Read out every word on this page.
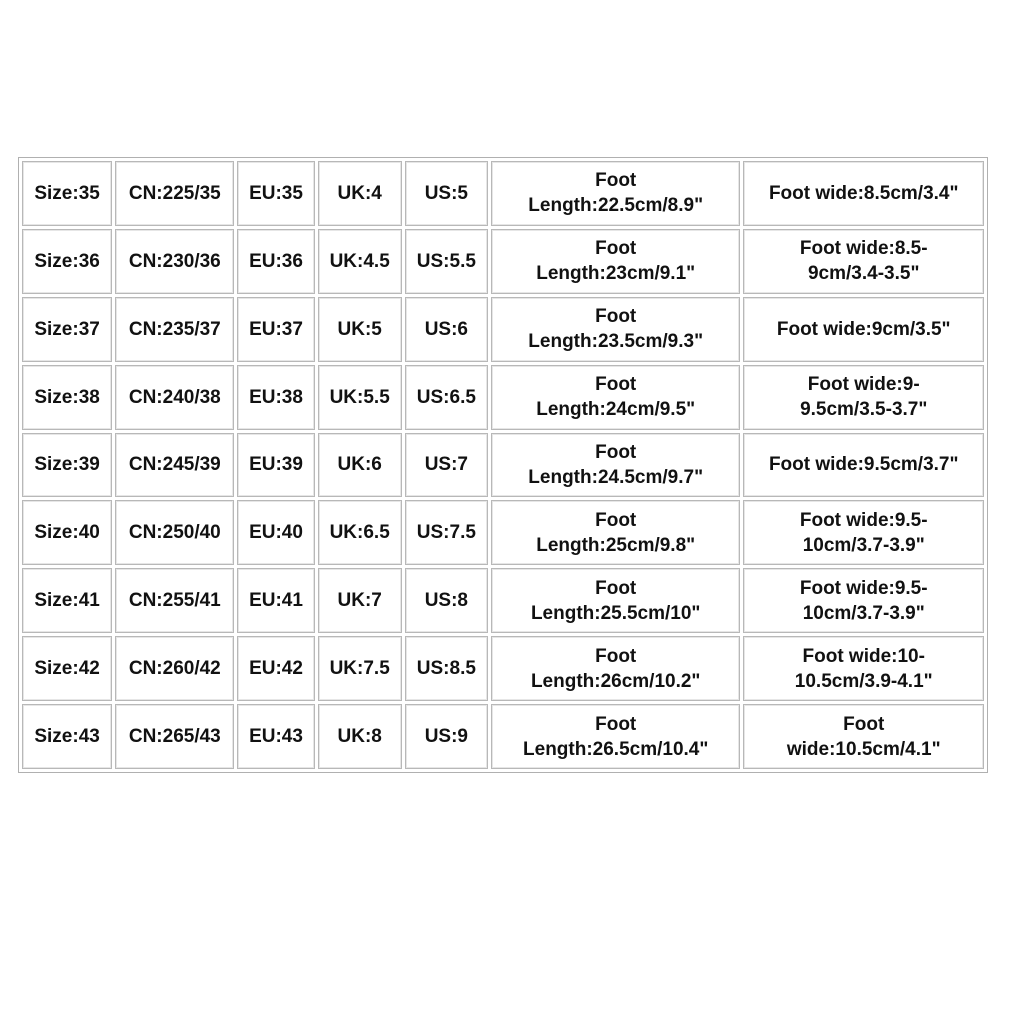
Size:35	CN:225/35	EU:35	UK:4	US:5	Foot
Length:22.5cm/8.9"	Foot wide:8.5cm/3.4"
Size:36	CN:230/36	EU:36	UK:4.5	US:5.5	Foot
Length:23cm/9.1"	Foot wide:8.5-
9cm/3.4-3.5"
Size:37	CN:235/37	EU:37	UK:5	US:6	Foot
Length:23.5cm/9.3"	Foot wide:9cm/3.5"
Size:38	CN:240/38	EU:38	UK:5.5	US:6.5	Foot
Length:24cm/9.5"	Foot wide:9-
9.5cm/3.5-3.7"
Size:39	CN:245/39	EU:39	UK:6	US:7	Foot
Length:24.5cm/9.7"	Foot wide:9.5cm/3.7"
Size:40	CN:250/40	EU:40	UK:6.5	US:7.5	Foot
Length:25cm/9.8"	Foot wide:9.5-
10cm/3.7-3.9"
Size:41	CN:255/41	EU:41	UK:7	US:8	Foot
Length:25.5cm/10"	Foot wide:9.5-
10cm/3.7-3.9"
Size:42	CN:260/42	EU:42	UK:7.5	US:8.5	Foot
Length:26cm/10.2"	Foot wide:10-
10.5cm/3.9-4.1"
Size:43	CN:265/43	EU:43	UK:8	US:9	Foot
Length:26.5cm/10.4"	Foot
wide:10.5cm/4.1"
